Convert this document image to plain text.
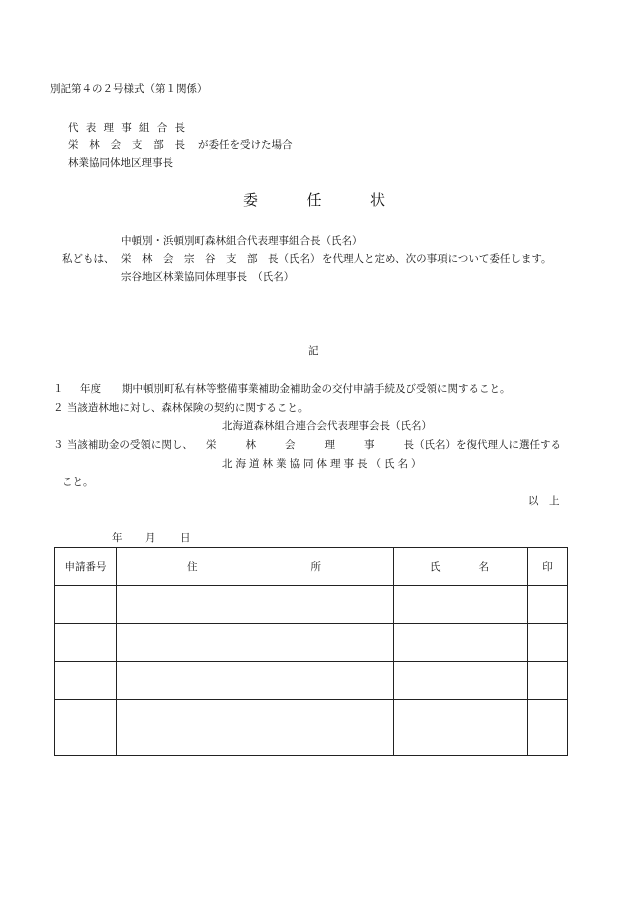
別記第４の２号様式（第１関係）
代 表 理 事 組 合 長
栄 林 会 支 部 長 が委任を受けた場合
林業協同体地区理事長
委	任	状
中頓別・浜頓別町森林組合代表理事組合長（氏名）
私どもは、 栄　林　会　宗　谷　支　部　長（氏名） を代理人と定め、次の事項について委任します。
宗谷地区林業協同体理事長　（氏名）
記
１ 年度 期中頓別町私有林等整備事業補助金補助金の交付申請手続及び受領に関すること。
２ 当該造林地に対し、森林保険の契約に関すること。
北海道森林組合連合会代表理事会長（氏名）
３ 当該補助金の受領に関し、 栄	林	会	理	事	長（氏名）を復代理人に選任する
北海道林業協同体理事長（氏名）
こと。
以　上
年 月 日
申請番号	住 所	氏 名	印
